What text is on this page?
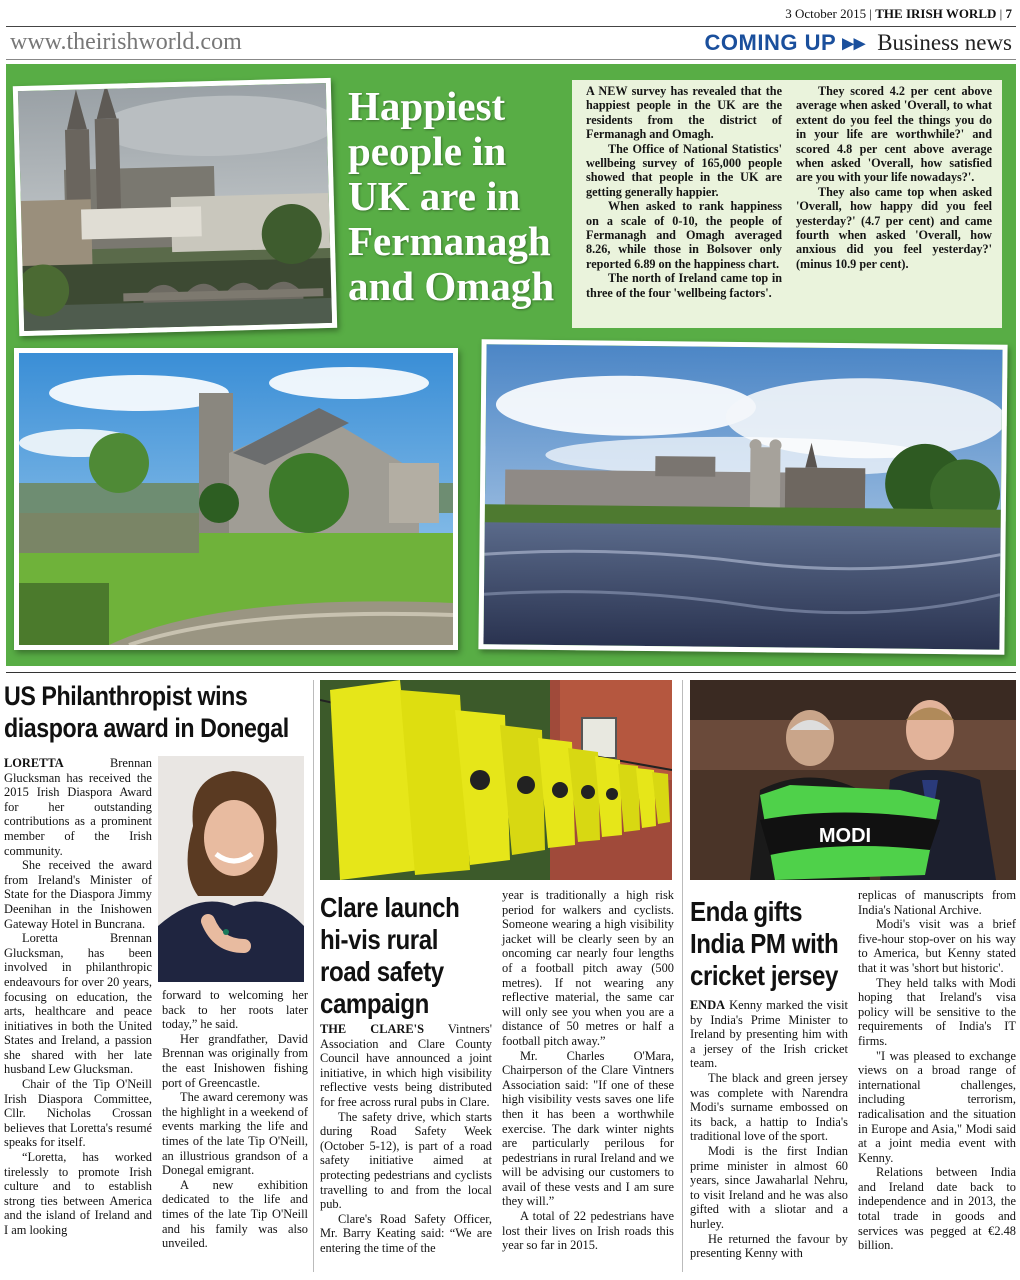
3 October 2015 | THE IRISH WORLD | 7
www.theirishworld.com	COMING UP ▸▸ Business news
Happiest people in UK are in Fermanagh and Omagh

A NEW survey has revealed that the happiest people in the UK are the residents from the district of Fermanagh and Omagh.

The Office of National Statistics' wellbeing survey of 165,000 people showed that people in the UK are getting generally happier.

When asked to rank happiness on a scale of 0-10, the people of Fermanagh and Omagh averaged 8.26, while those in Bolsover only reported 6.89 on the happiness chart.

The north of Ireland came top in three of the four 'wellbeing factors'.

They scored 4.2 per cent above average when asked 'Overall, to what extent do you feel the things you do in your life are worthwhile?' and scored 4.8 per cent above average when asked 'Overall, how satisfied are you with your life nowadays?'.

They also came top when asked 'Overall, how happy did you feel yesterday?' (4.7 per cent) and came fourth when asked 'Overall, how anxious did you feel yesterday?' (minus 10.9 per cent).

US Philanthropist wins diaspora award in Donegal

LORETTA	Brennan Glucksman has received the 2015 Irish Diaspora Award for her outstanding contributions as a prominent member of the Irish community.

She received the award from Ireland's Minister of State for the Diaspora Jimmy Deenihan in the Inishowen Gateway Hotel in Buncrana.

Loretta Brennan Glucksman, has been involved in philanthropic endeavours for over 20 years, focusing on education, the arts, healthcare and peace initiatives in both the United States and Ireland, a passion she shared with her late husband Lew Glucksman.

Chair of the Tip O'Neill Irish Diaspora Committee, Cllr. Nicholas Crossan believes that Loretta's resumé speaks for itself.

“Loretta, has worked tirelessly to promote Irish culture and to establish strong ties between America and the island of Ireland and I am looking

forward to welcoming her back to her roots later today,” he said.

Her grandfather, David Brennan was originally from the east Inishowen fishing port of Greencastle.

The award ceremony was the highlight in a weekend of events marking the life and times of the late Tip O'Neill, an illustrious grandson of a Donegal emigrant.

A new exhibition dedicated to the life and times of the late Tip O'Neill and his family was also unveiled.

Clare launch hi-vis rural road safety campaign

THE CLARE'S Vintners' Association and Clare County Council have announced a joint initiative, in which high visibility reflective vests being distributed for free across rural pubs in Clare.

The safety drive, which starts during Road Safety Week (October 5-12), is part of a road safety initiative aimed at protecting pedestrians and cyclists travelling to and from the local pub.

Clare's Road Safety Officer, Mr. Barry Keating said: “We are entering the time of the

year is traditionally a high risk period for walkers and cyclists. Someone wearing a high visibility jacket will be clearly seen by an oncoming car nearly four lengths of a football pitch away (500 metres). If not wearing any reflective material, the same car will only see you when you are a distance of 50 metres or half a football pitch away.”

Mr. Charles O'Mara, Chairperson of the Clare Vintners Association said: "If one of these high visibility vests saves one life then it has been a worthwhile exercise. The dark winter nights are particularly perilous for pedestrians in rural Ireland and we will be advising our customers to avail of these vests and I am sure they will.”

A total of 22 pedestrians have lost their lives on Irish roads this year so far in 2015.

MODI
Enda gifts India PM with cricket jersey

ENDA Kenny marked the visit by India's Prime Minister to Ireland by presenting him with a jersey of the Irish cricket team.

The black and green jersey was complete with Narendra Modi's surname embossed on its back, a hattip to India's traditional love of the sport.

Modi is the first Indian prime minister in almost 60 years, since Jawaharlal Nehru, to visit Ireland and he was also gifted with a sliotar and a hurley.

He returned the favour by presenting Kenny with

replicas of manuscripts from India's National Archive.

Modi's visit was a brief five-hour stop-over on his way to America, but Kenny stated that it was 'short but historic'.

They held talks with Modi hoping that Ireland's visa policy will be sensitive to the requirements of India's IT firms.

"I was pleased to exchange views on a broad range of international challenges, including terrorism, radicalisation and the situation in Europe and Asia," Modi said at a joint media event with Kenny.

Relations between India and Ireland date back to independence and in 2013, the total trade in goods and services was pegged at €2.48 billion.
